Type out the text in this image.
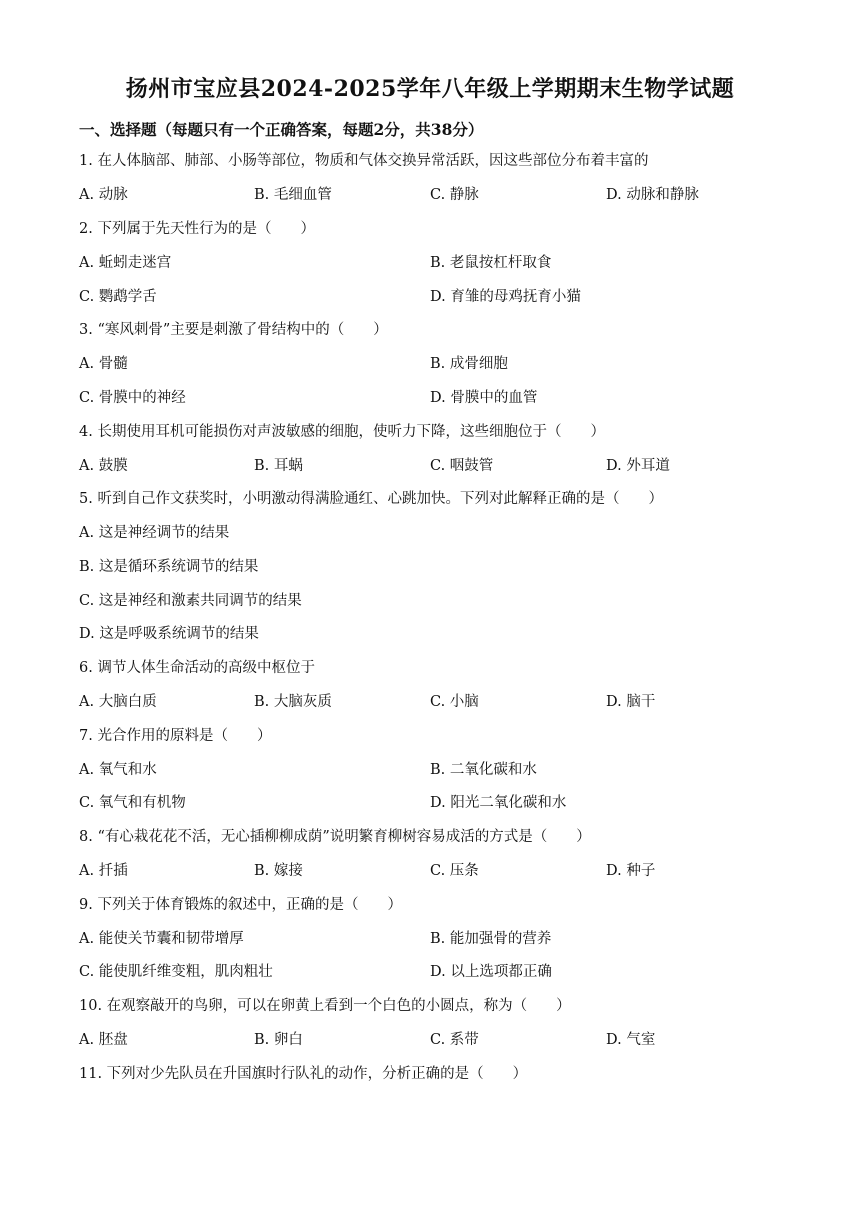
扬州市宝应县2024-2025学年八年级上学期期末生物学试题
一、选择题（每题只有一个正确答案，每题2分，共38分）
1. 在人体脑部、肺部、小肠等部位，物质和气体交换异常活跃，因这些部位分布着丰富的
A. 动脉	B. 毛细血管	C. 静脉	D. 动脉和静脉
2. 下列属于先天性行为的是（　　）
A. 蚯蚓走迷宫	B. 老鼠按杠杆取食
C. 鹦鹉学舌	D. 育雏的母鸡抚育小猫
3. “寒风刺骨”主要是刺激了骨结构中的（　　）
A. 骨髓	B. 成骨细胞
C. 骨膜中的神经	D. 骨膜中的血管
4. 长期使用耳机可能损伤对声波敏感的细胞，使听力下降，这些细胞位于（　　）
A. 鼓膜	B. 耳蜗	C. 咽鼓管	D. 外耳道
5. 听到自己作文获奖时，小明激动得满脸通红、心跳加快。下列对此解释正确的是（　　）
A. 这是神经调节的结果
B. 这是循环系统调节的结果
C. 这是神经和激素共同调节的结果
D. 这是呼吸系统调节的结果
6. 调节人体生命活动的高级中枢位于
A. 大脑白质	B. 大脑灰质	C. 小脑	D. 脑干
7. 光合作用的原料是（　　）
A. 氧气和水	B. 二氧化碳和水
C. 氧气和有机物	D. 阳光二氧化碳和水
8. “有心栽花花不活，无心插柳柳成荫”说明繁育柳树容易成活的方式是（　　）
A. 扦插	B. 嫁接	C. 压条	D. 种子
9. 下列关于体育锻炼的叙述中，正确的是（　　）
A. 能使关节囊和韧带增厚	B. 能加强骨的营养
C. 能使肌纤维变粗，肌肉粗壮	D. 以上选项都正确
10. 在观察敲开的鸟卵，可以在卵黄上看到一个白色的小圆点，称为（　　）
A. 胚盘	B. 卵白	C. 系带	D. 气室
11. 下列对少先队员在升国旗时行队礼的动作，分析正确的是（　　）
